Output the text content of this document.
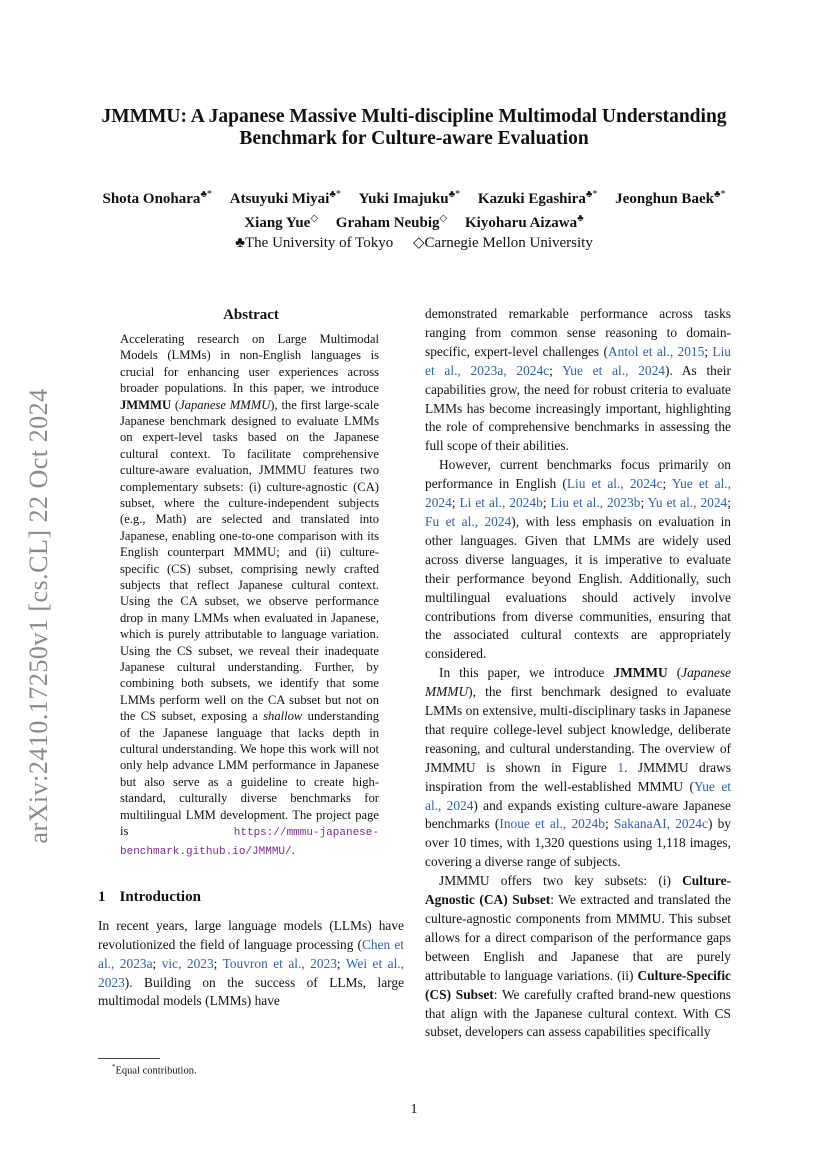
arXiv:2410.17250v1 [cs.CL] 22 Oct 2024
JMMMU: A Japanese Massive Multi-discipline Multimodal Understanding
Benchmark for Culture-aware Evaluation
Shota Onohara♣* Atsuyuki Miyai♣* Yuki Imajuku♣* Kazuki Egashira♣* Jeonghun Baek♣*
Xiang Yue◇ Graham Neubig◇ Kiyoharu Aizawa♣
♣The University of Tokyo ◇Carnegie Mellon University
Abstract

Accelerating research on Large Multimodal Models (LMMs) in non-English languages is crucial for enhancing user experiences across broader populations. In this paper, we introduce JMMMU (Japanese MMMU), the first large-scale Japanese benchmark designed to evaluate LMMs on expert-level tasks based on the Japanese cultural context. To facilitate comprehensive culture-aware evaluation, JMMMU features two complementary subsets: (i) culture-agnostic (CA) subset, where the culture-independent subjects (e.g., Math) are selected and translated into Japanese, enabling one-to-one comparison with its English counterpart MMMU; and (ii) culture-specific (CS) subset, comprising newly crafted subjects that reflect Japanese cultural context. Using the CA subset, we observe performance drop in many LMMs when evaluated in Japanese, which is purely attributable to language variation. Using the CS subset, we reveal their inadequate Japanese cultural understanding. Further, by combining both subsets, we identify that some LMMs perform well on the CA subset but not on the CS subset, exposing a shallow understanding of the Japanese language that lacks depth in cultural understanding. We hope this work will not only help advance LMM performance in Japanese but also serve as a guideline to create high-standard, culturally diverse benchmarks for multilingual LMM development. The project page is https://mmmu-japanese-benchmark.github.io/JMMMU/.

1 Introduction

In recent years, large language models (LLMs) have revolutionized the field of language processing (Chen et al., 2023a; vic, 2023; Touvron et al., 2023; Wei et al., 2023). Building on the success of LLMs, large multimodal models (LMMs) have

demonstrated remarkable performance across tasks ranging from common sense reasoning to domain-specific, expert-level challenges (Antol et al., 2015; Liu et al., 2023a, 2024c; Yue et al., 2024). As their capabilities grow, the need for robust criteria to evaluate LMMs has become increasingly important, highlighting the role of comprehensive benchmarks in assessing the full scope of their abilities.

However, current benchmarks focus primarily on performance in English (Liu et al., 2024c; Yue et al., 2024; Li et al., 2024b; Liu et al., 2023b; Yu et al., 2024; Fu et al., 2024), with less emphasis on evaluation in other languages. Given that LMMs are widely used across diverse languages, it is imperative to evaluate their performance beyond English. Additionally, such multilingual evaluations should actively involve contributions from diverse communities, ensuring that the associated cultural contexts are appropriately considered.

In this paper, we introduce JMMMU (Japanese MMMU), the first benchmark designed to evaluate LMMs on extensive, multi-disciplinary tasks in Japanese that require college-level subject knowledge, deliberate reasoning, and cultural understanding. The overview of JMMMU is shown in Figure 1. JMMMU draws inspiration from the well-established MMMU (Yue et al., 2024) and expands existing culture-aware Japanese benchmarks (Inoue et al., 2024b; SakanaAI, 2024c) by over 10 times, with 1,320 questions using 1,118 images, covering a diverse range of subjects.

JMMMU offers two key subsets: (i) Culture-Agnostic (CA) Subset: We extracted and translated the culture-agnostic components from MMMU. This subset allows for a direct comparison of the performance gaps between English and Japanese that are purely attributable to language variations. (ii) Culture-Specific (CS) Subset: We carefully crafted brand-new questions that align with the Japanese cultural context. With CS subset, developers can assess capabilities specifically

*Equal contribution.
1
